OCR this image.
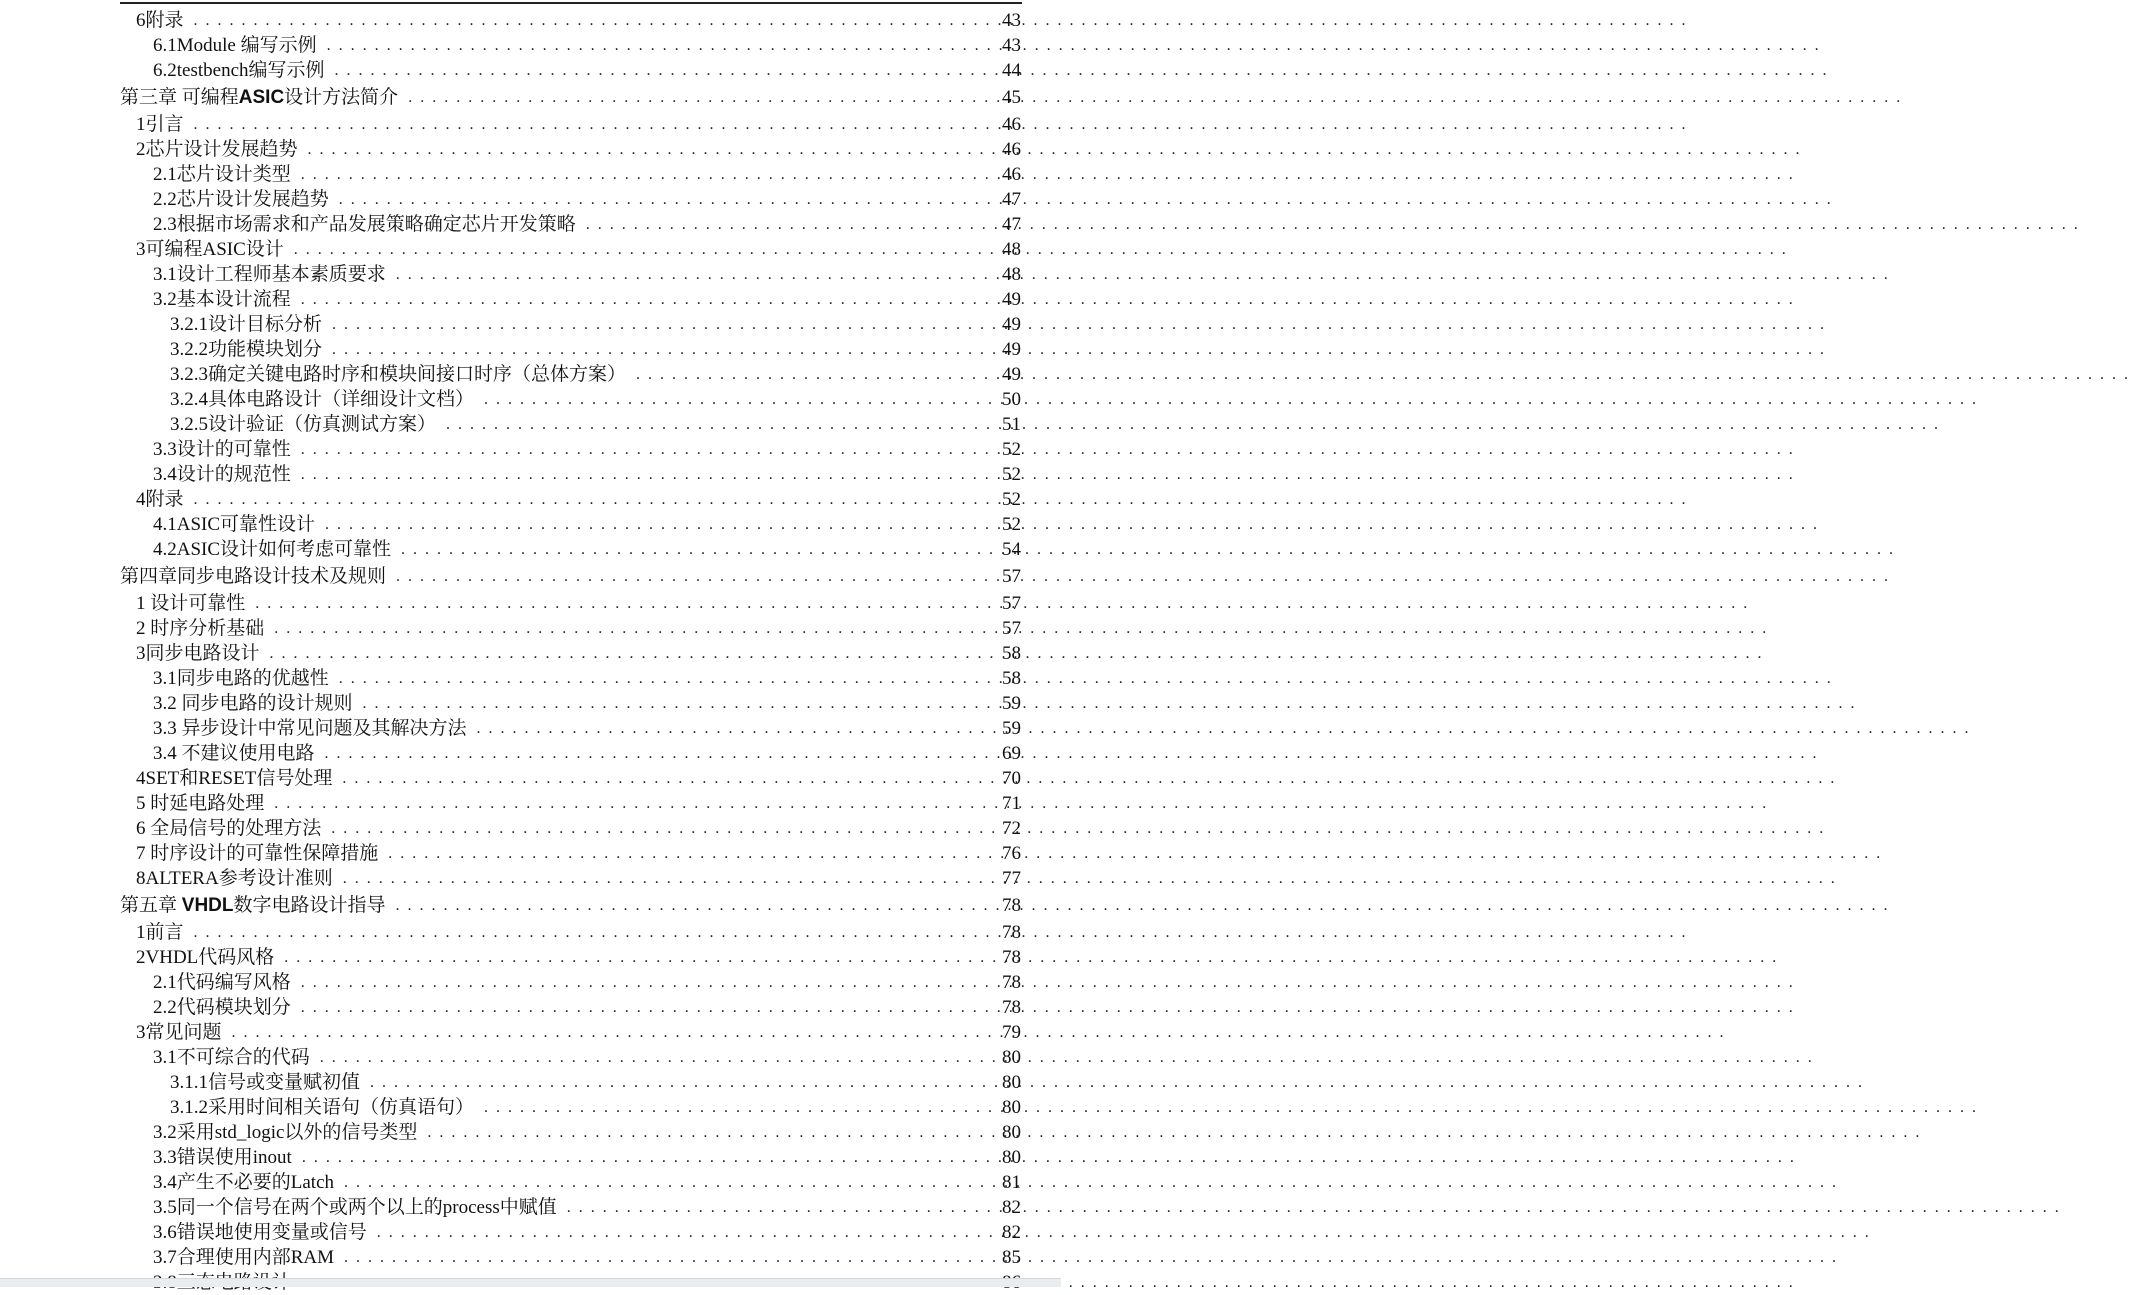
6附录 . . .	43
6.1Module 编写示例 . . .	43
6.2testbench编写示例 . . .	44
第三章 可编程ASIC设计方法简介 . . .	45
1引言 . . .	46
2芯片设计发展趋势 . . .	46
2.1芯片设计类型 . . .	46
2.2芯片设计发展趋势 . . .	47
2.3根据市场需求和产品发展策略确定芯片开发策略 . . .	47
3可编程ASIC设计 . . .	48
3.1设计工程师基本素质要求 . . .	48
3.2基本设计流程 . . .	49
3.2.1设计目标分析 . . .	49
3.2.2功能模块划分 . . .	49
3.2.3确定关键电路时序和模块间接口时序（总体方案） . . .	49
3.2.4具体电路设计（详细设计文档） . . .	50
3.2.5设计验证（仿真测试方案） . . .	51
3.3设计的可靠性 . . .	52
3.4设计的规范性 . . .	52
4附录 . . .	52
4.1ASIC可靠性设计 . . .	52
4.2ASIC设计如何考虑可靠性 . . .	54
第四章同步电路设计技术及规则 . . .	57
1 设计可靠性 . . .	57
2 时序分析基础 . . .	57
3同步电路设计 . . .	58
3.1同步电路的优越性 . . .	58
3.2 同步电路的设计规则 . . .	59
3.3 异步设计中常见问题及其解决方法 . . .	59
3.4 不建议使用电路 . . .	69
4SET和RESET信号处理 . . .	70
5 时延电路处理 . . .	71
6 全局信号的处理方法 . . .	72
7 时序设计的可靠性保障措施 . . .	76
8ALTERA参考设计准则 . . .	77
第五章 VHDL数字电路设计指导 . . .	78
1前言 . . .	78
2VHDL代码风格 . . .	78
2.1代码编写风格 . . .	78
2.2代码模块划分 . . .	78
3常见问题 . . .	79
3.1不可综合的代码 . . .	80
3.1.1信号或变量赋初值 . . .	80
3.1.2采用时间相关语句（仿真语句） . . .	80
3.2采用std_logic以外的信号类型 . . .	80
3.3错误使用inout . . .	80
3.4产生不必要的Latch . . .	81
3.5同一个信号在两个或两个以上的process中赋值 . . .	82
3.6错误地使用变量或信号 . . .	82
3.7合理使用内部RAM . . .	85
. . .
